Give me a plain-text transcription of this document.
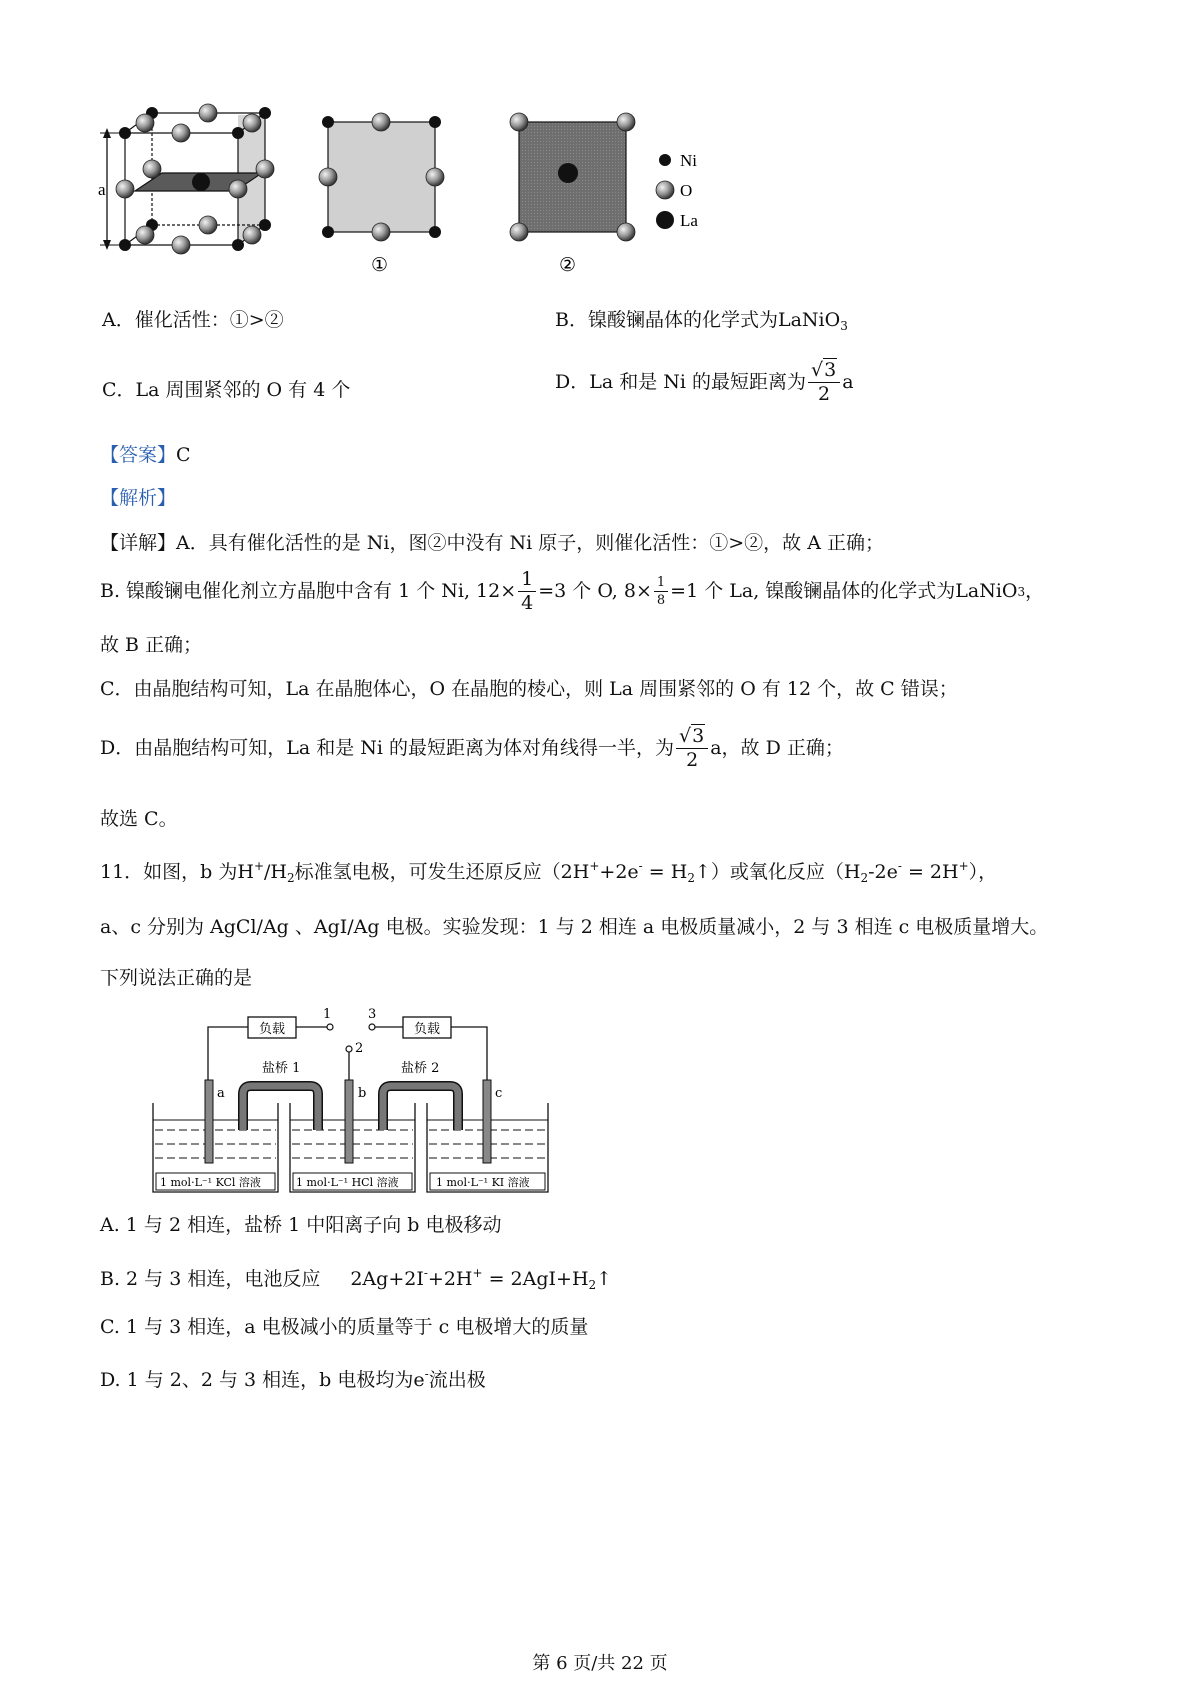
a
①	②
Ni
O
La
A．催化活性：①>②	B．镍酸镧晶体的化学式为LaNiO$_3$
C．La 周围紧邻的 O 有 4 个	D．La 和是 Ni 的最短距离为 $\frac{√3}{2}$ a
【答案】C
【解析】
【详解】A．具有催化活性的是 Ni，图②中没有 Ni 原子，则催化活性：①>②，故 A 正确；
B. 镍酸镧电催化剂立方晶胞中含有 1 个 Ni, $12 \times \frac{1}{4} =3$ 个 O, $8 \times \frac{1}{8} =1$ 个 La, 镍酸镧晶体的化学式为 LaNiO 3 ，
故 B 正确；
C．由晶胞结构可知，La 在晶胞体心，O 在晶胞的棱心，则 La 周围紧邻的 O 有 12 个，故 C 错误；
D．由晶胞结构可知，La 和是 Ni 的最短距离为体对角线得一半，为 $\frac{√3}{2}$ a，故 D 正确；
故选 C。
11．如图，b 为$H^+/H_2$标准氢电极，可发生还原反应$(2H^++2e^- = H_2↑)$或氧化反应$(H_2-2e^- = 2H^+)$，
a、c 分别为 AgCl/Ag 、AgI/Ag 电极。实验发现：1 与 2 相连 a 电极质量减小，2 与 3 相连 c 电极质量增大。
下列说法正确的是
负载	负载
1	3
2
盐桥 1	盐桥 2
a	b	c
1 mol·L⁻¹ KCl 溶液	1 mol·L⁻¹ HCl 溶液	1 mol·L⁻¹ KI 溶液
A. 1 与 2 相连，盐桥 1 中阳离子向 b 电极移动
B. 2 与 3 相连，电池反应 $2Ag+2I^-+2H^+ = 2AgI+H_2↑$
C. 1 与 3 相连，a 电极减小的质量等于 c 电极增大的质量
D. 1 与 2、2 与 3 相连，b 电极均为e-流出极
第 6 页/共 22 页
